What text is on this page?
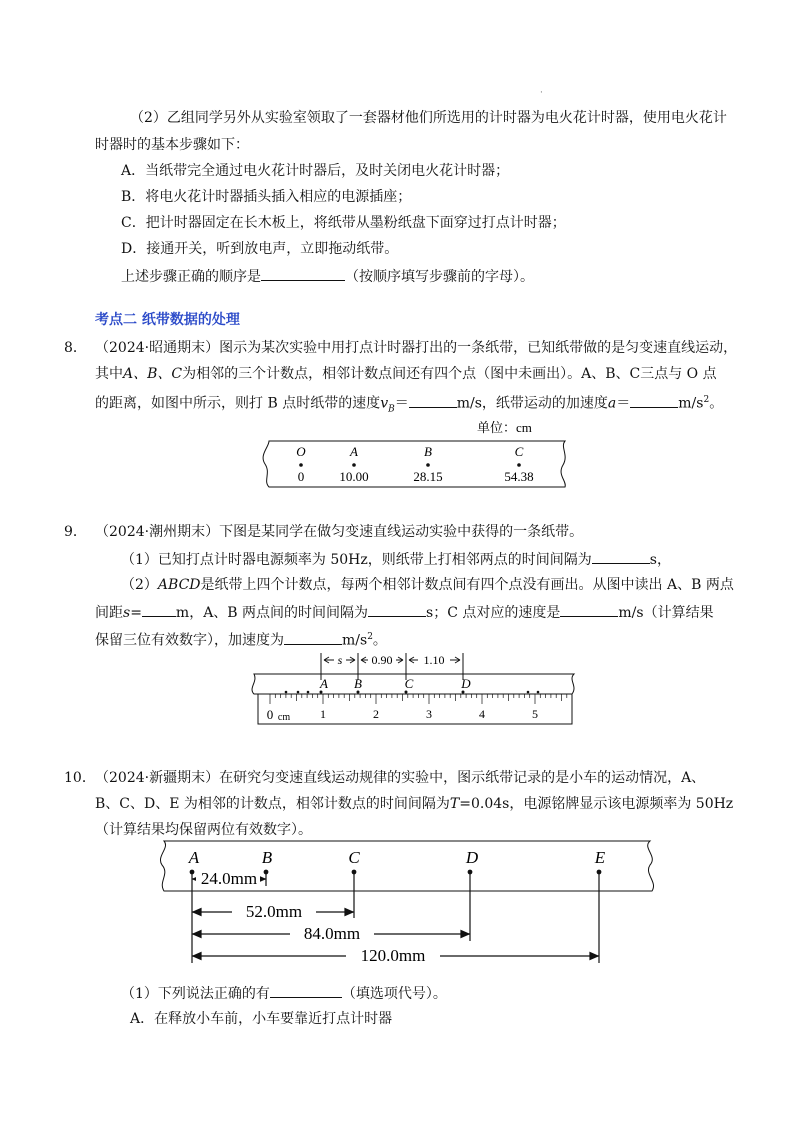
·
（2）乙组同学另外从实验室领取了一套器材他们所选用的计时器为电火花计时器，使用电火花计
时器时的基本步骤如下：
A．当纸带完全通过电火花计时器后，及时关闭电火花计时器；
B．将电火花计时器插头插入相应的电源插座；
C．把计时器固定在长木板上，将纸带从墨粉纸盘下面穿过打点计时器；
D．接通开关，听到放电声，立即拖动纸带。
上述步骤正确的顺序是	（按顺序填写步骤前的字母）。
考点二 纸带数据的处理
8． （2024·昭通期末）图示为某次实验中用打点计时器打出的一条纸带，已知纸带做的是匀变速直线运动，
其中A、B、C为相邻的三个计数点，相邻计数点间还有四个点（图中未画出）。A、B、C三点与 O 点
的距离，如图中所示，则打 B 点时纸带的速度$v_B=$	m/s，纸带运动的加速度a＝	$m/s^2$。
单位：cm
O	A	B	C
0	10.00	28.15	54.38
9． （2024·潮州期末）下图是某同学在做匀变速直线运动实验中获得的一条纸带。
（1）已知打点计时器电源频率为 50Hz，则纸带上打相邻两点的时间间隔为	s，
（2）ABCD是纸带上四个计数点，每两个相邻计数点间有四个点没有画出。从图中读出 A、B 两点
间距s= m，A、B 两点间的时间间隔为	s；C 点对应的速度是	m/s（计算结果
保留三位有效数字），加速度为	$m/s^2$。
s 0.90	1.10
A B	C	D
0 cm 1	2	3	4	5
10． （2024·新疆期末）在研究匀变速直线运动规律的实验中，图示纸带记录的是小车的运动情况，A、
B、C、D、E 为相邻的计数点，相邻计数点的时间间隔为T=0.04s，电源铭牌显示该电源频率为 50Hz
（计算结果均保留两位有效数字）。
A	B	C	D	E
24.0mm
52.0mm
84.0mm
120.0mm
（1）下列说法正确的有	（填选项代号）。
A．在释放小车前，小车要靠近打点计时器
